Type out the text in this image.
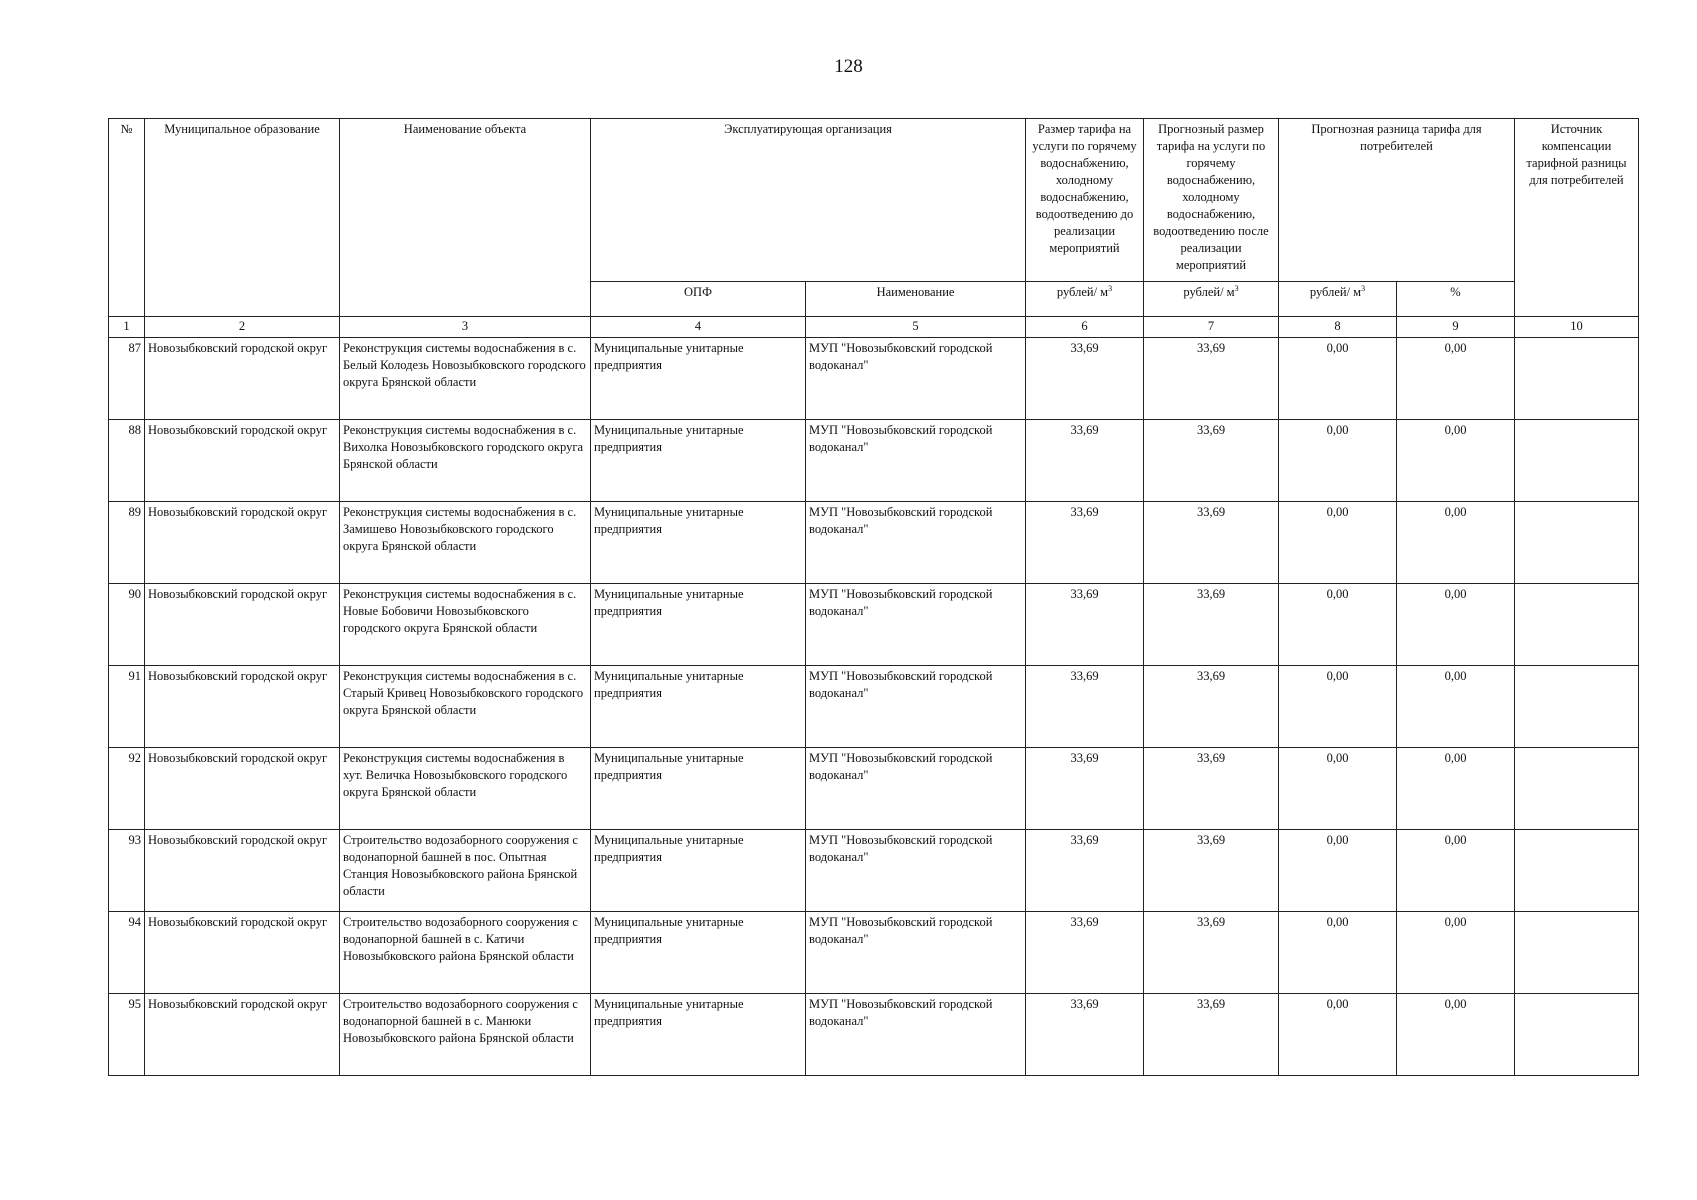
128
№	Муниципальное образование	Наименование объекта	Эксплуатирующая организация		Размер тарифа на услуги по горячему водоснабжению, холодному водоснабжению, водоотведению до реализации мероприятий	Прогнозный размер тарифа на услуги по горячему водоснабжению, холодному водоснабжению, водоотведению после реализации мероприятий	Прогнозная разница тарифа для потребителей		Источник компенсации тарифной разницы для потребителей
			ОПФ	Наименование	рублей/ $м^3$	рублей/ $м^3$	рублей/ $м^3$	%	
1	2	3	4	5	6	7	8	9	10
87	Новозыбковский городской округ	Реконструкция системы водоснабжения в с. Белый Колодезь Новозыбковского городского округа Брянской области	Муниципальные унитарные предприятия	МУП "Новозыбковский городской водоканал"	33,69	33,69	0,00	0,00	
88	Новозыбковский городской округ	Реконструкция системы водоснабжения в с. Вихолка Новозыбковского городского округа Брянской области	Муниципальные унитарные предприятия	МУП "Новозыбковский городской водоканал"	33,69	33,69	0,00	0,00	
89	Новозыбковский городской округ	Реконструкция системы водоснабжения в с. Замишево Новозыбковского городского округа Брянской области	Муниципальные унитарные предприятия	МУП "Новозыбковский городской водоканал"	33,69	33,69	0,00	0,00	
90	Новозыбковский городской округ	Реконструкция системы водоснабжения в с. Новые Бобовичи Новозыбковского городского округа Брянской области	Муниципальные унитарные предприятия	МУП "Новозыбковский городской водоканал"	33,69	33,69	0,00	0,00	
91	Новозыбковский городской округ	Реконструкция системы водоснабжения в с. Старый Кривец Новозыбковского городского округа Брянской области	Муниципальные унитарные предприятия	МУП "Новозыбковский городской водоканал"	33,69	33,69	0,00	0,00	
92	Новозыбковский городской округ	Реконструкция системы водоснабжения в хут. Величка Новозыбковского городского округа Брянской области	Муниципальные унитарные предприятия	МУП "Новозыбковский городской водоканал"	33,69	33,69	0,00	0,00	
93	Новозыбковский городской округ	Строительство водозаборного сооружения с водонапорной башней в пос. Опытная Станция Новозыбковского района Брянской области	Муниципальные унитарные предприятия	МУП "Новозыбковский городской водоканал"	33,69	33,69	0,00	0,00	
94	Новозыбковский городской округ	Строительство водозаборного сооружения с водонапорной башней в с. Катичи Новозыбковского района Брянской области	Муниципальные унитарные предприятия	МУП "Новозыбковский городской водоканал"	33,69	33,69	0,00	0,00	
95	Новозыбковский городской округ	Строительство водозаборного сооружения с водонапорной башней в с. Манюки Новозыбковского района Брянской области	Муниципальные унитарные предприятия	МУП "Новозыбковский городской водоканал"	33,69	33,69	0,00	0,00	
